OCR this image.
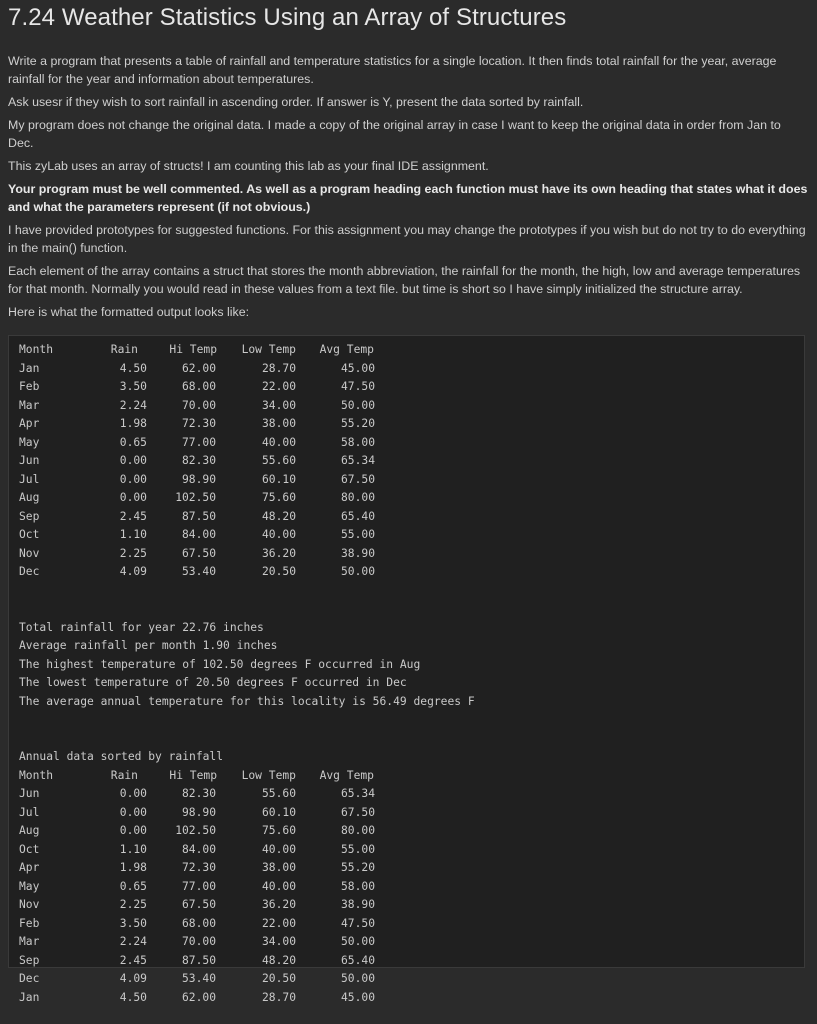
7.24 Weather Statistics Using an Array of Structures

Write a program that presents a table of rainfall and temperature statistics for a single location. It then finds total rainfall for the year, average rainfall for the year and information about temperatures.

Ask usesr if they wish to sort rainfall in ascending order. If answer is Y, present the data sorted by rainfall.

My program does not change the original data. I made a copy of the original array in case I want to keep the original data in order from Jan to Dec.

This zyLab uses an array of structs! I am counting this lab as your final IDE assignment.

Your program must be well commented. As well as a program heading each function must have its own heading that states what it does and what the parameters represent (if not obvious.)

I have provided prototypes for suggested functions. For this assignment you may change the prototypes if you wish but do not try to do everything in the main() function.

Each element of the array contains a struct that stores the month abbreviation, the rainfall for the month, the high, low and average temperatures for that month. Normally you would read in these values from a text file. but time is short so I have simply initialized the structure array.

Here is what the formatted output looks like:

Month	Rain	Hi Temp	Low Temp	Avg Temp
Jan	4.50	62.00	28.70	45.00
Feb	3.50	68.00	22.00	47.50
Mar	2.24	70.00	34.00	50.00
Apr	1.98	72.30	38.00	55.20
May	0.65	77.00	40.00	58.00
Jun	0.00	82.30	55.60	65.34
Jul	0.00	98.90	60.10	67.50
Aug	0.00	102.50	75.60	80.00
Sep	2.45	87.50	48.20	65.40
Oct	1.10	84.00	40.00	55.00
Nov	2.25	67.50	36.20	38.90
Dec	4.09	53.40	20.50	50.00
Total rainfall for year 22.76 inches
Average rainfall per month 1.90 inches
The highest temperature of 102.50 degrees F occurred in Aug
The lowest temperature of 20.50 degrees F occurred in Dec
The average annual temperature for this locality is 56.49 degrees F
Annual data sorted by rainfall
Month	Rain	Hi Temp	Low Temp	Avg Temp
Jun	0.00	82.30	55.60	65.34
Jul	0.00	98.90	60.10	67.50
Aug	0.00	102.50	75.60	80.00
Oct	1.10	84.00	40.00	55.00
Apr	1.98	72.30	38.00	55.20
May	0.65	77.00	40.00	58.00
Nov	2.25	67.50	36.20	38.90
Feb	3.50	68.00	22.00	47.50
Mar	2.24	70.00	34.00	50.00
Sep	2.45	87.50	48.20	65.40
Dec	4.09	53.40	20.50	50.00
Jan	4.50	62.00	28.70	45.00
